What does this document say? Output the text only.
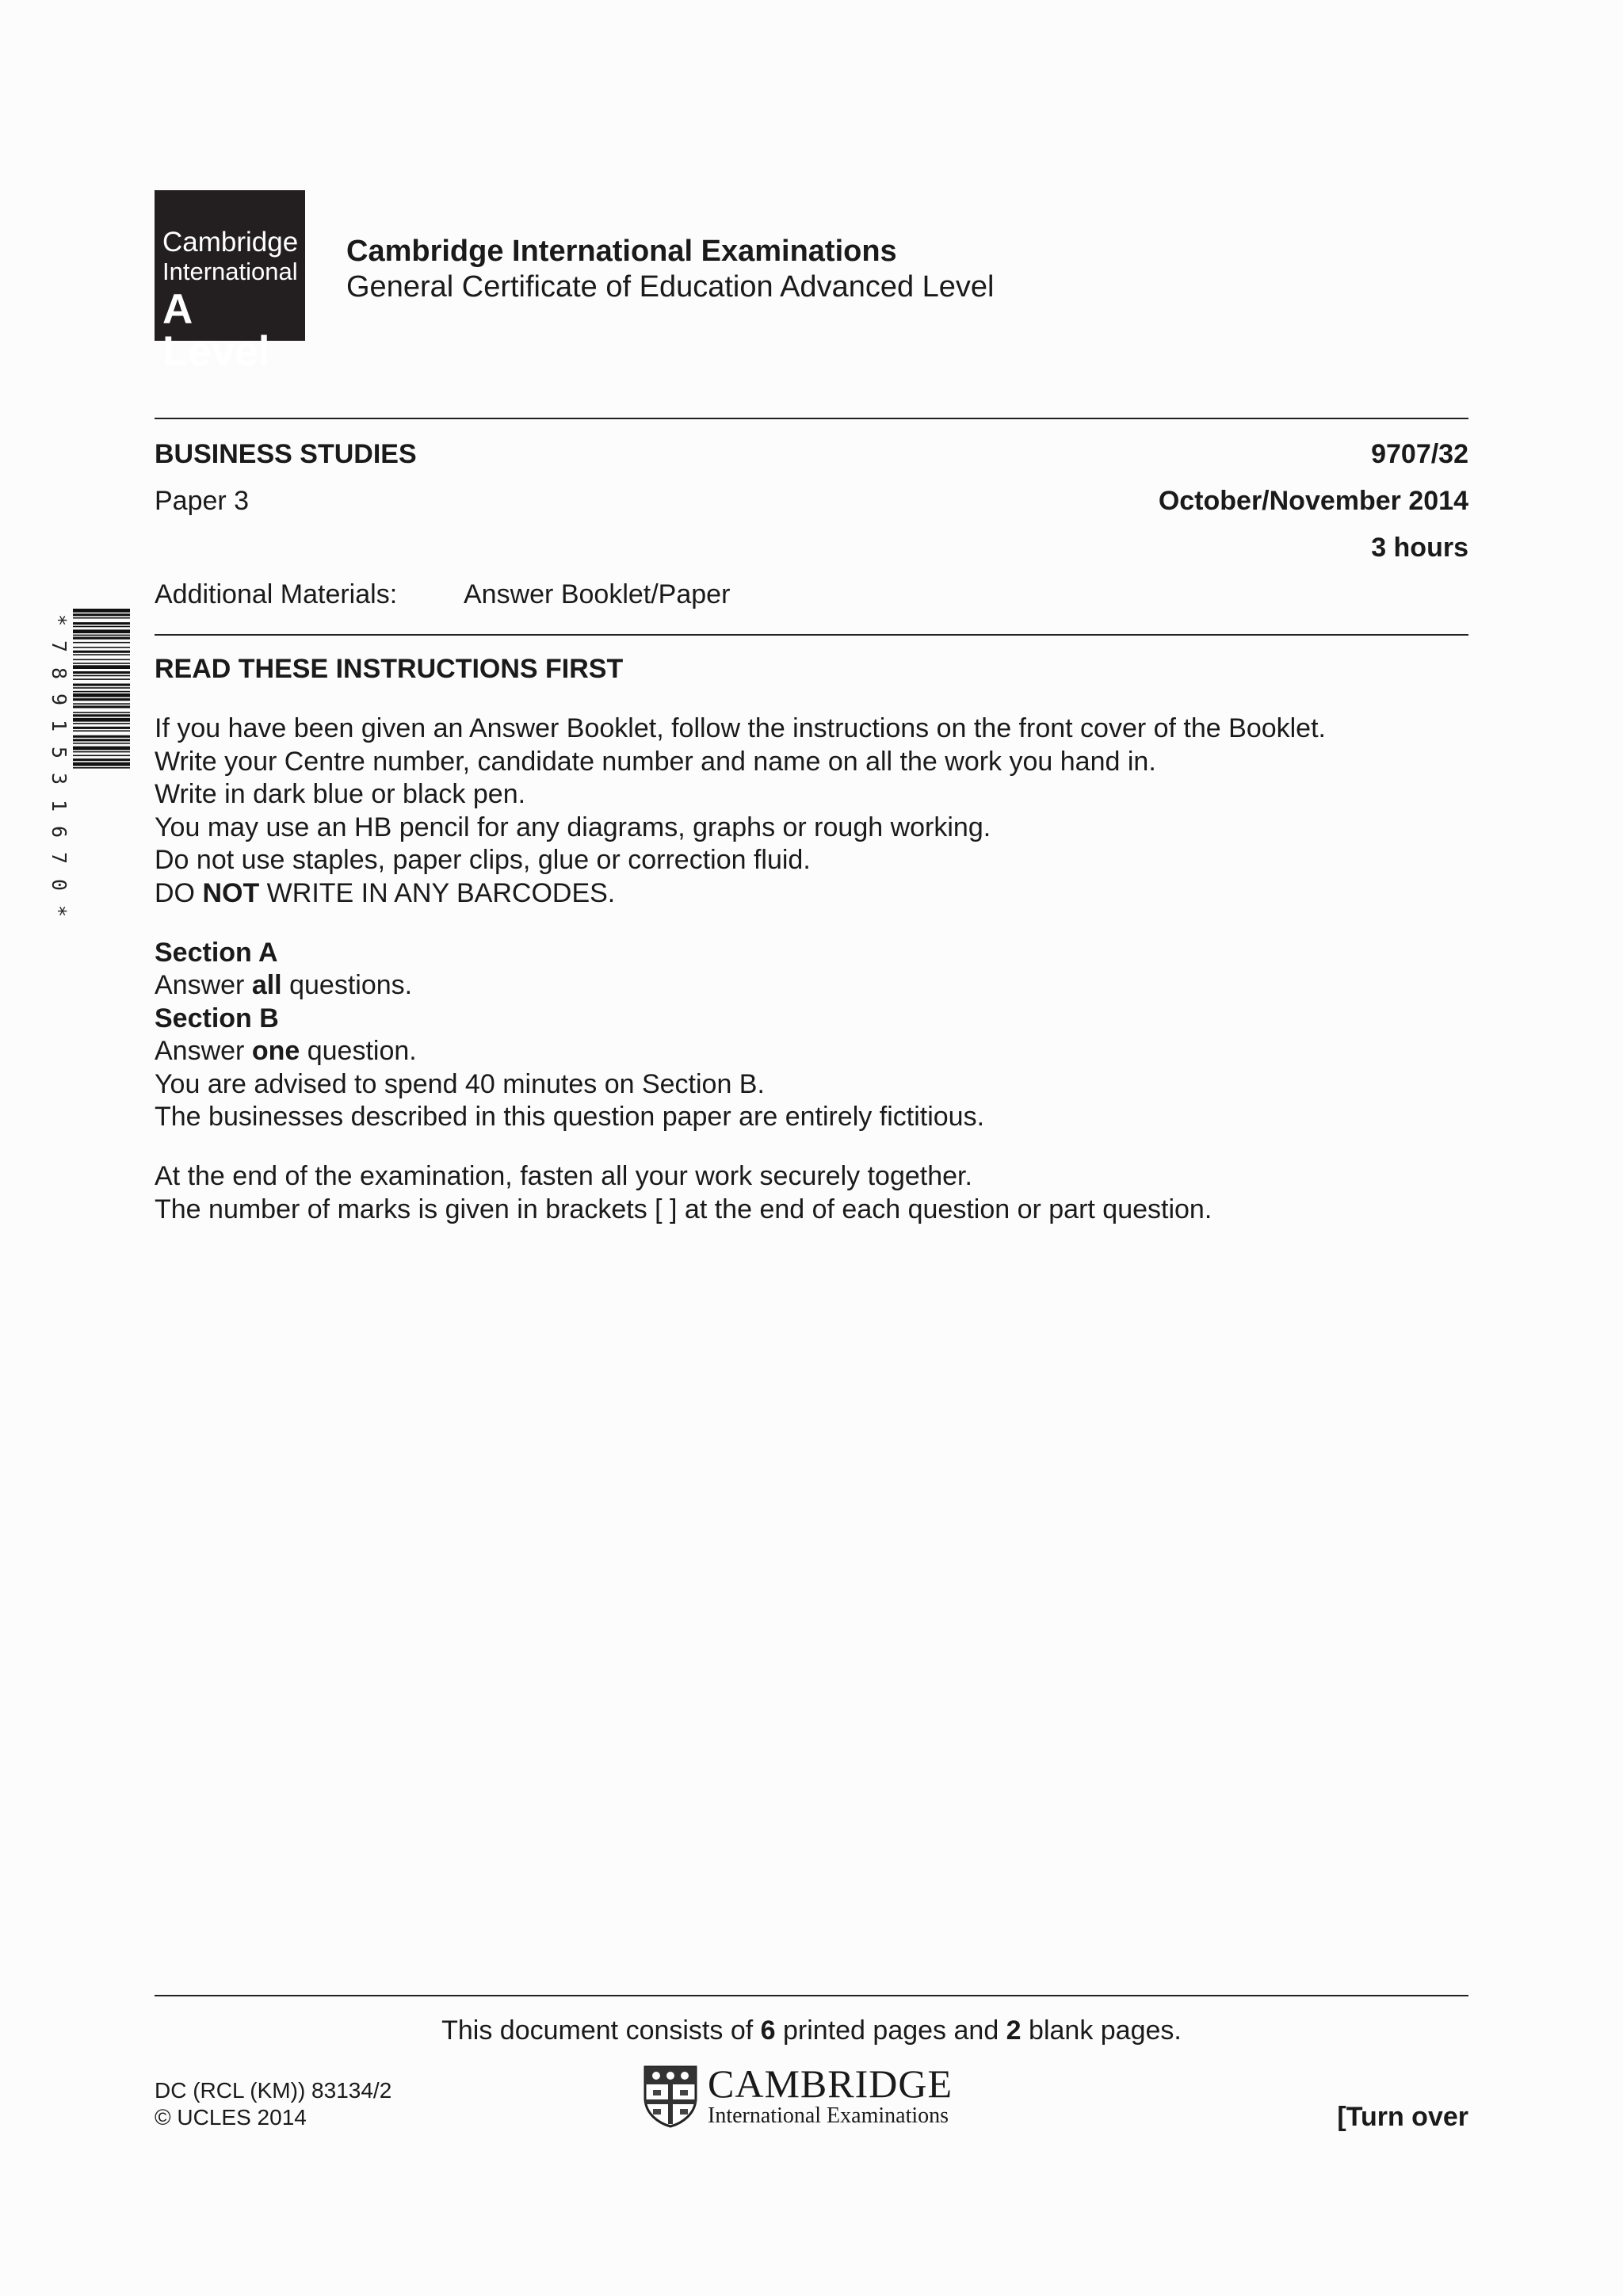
Cambridge
International
A Level
Cambridge International Examinations
General Certificate of Education Advanced Level
BUSINESS STUDIES	9707/32
Paper 3	October/November 2014
3 hours
Additional Materials: Answer Booklet/Paper
*
7
8
9
1
5
3
1
6
7
0
*
READ THESE INSTRUCTIONS FIRST
If you have been given an Answer Booklet, follow the instructions on the front cover of the Booklet.
Write your Centre number, candidate number and name on all the work you hand in.
Write in dark blue or black pen.
You may use an HB pencil for any diagrams, graphs or rough working.
Do not use staples, paper clips, glue or correction fluid.
DO NOT WRITE IN ANY BARCODES.
Section A
Answer all questions.
Section B
Answer one question.
You are advised to spend 40 minutes on Section B.
The businesses described in this question paper are entirely fictitious.
At the end of the examination, fasten all your work securely together.
The number of marks is given in brackets [ ] at the end of each question or part question.
This document consists of 6 printed pages and 2 blank pages.
DC (RCL (KM)) 83134/2
© UCLES 2014
CAMBRIDGE
International Examinations	[Turn over
